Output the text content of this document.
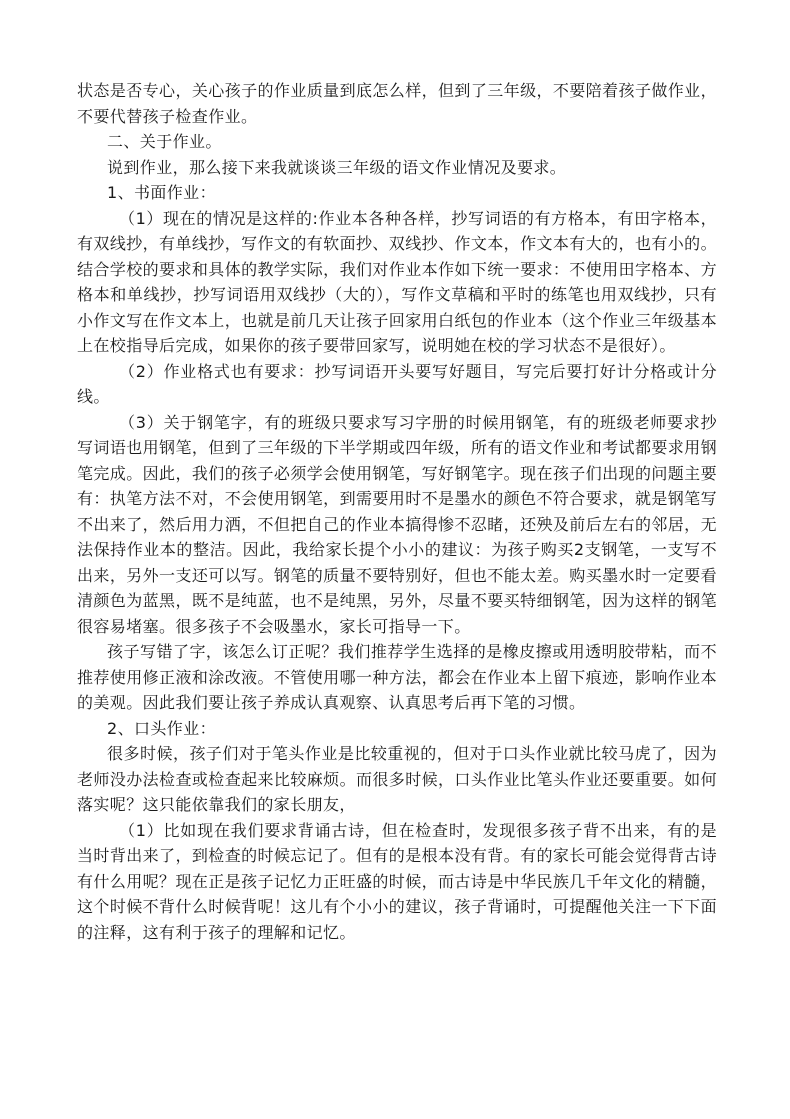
状态是否专心，关心孩子的作业质量到底怎么样，但到了三年级，不要陪着孩子做作业，不要代替孩子检查作业。

二、关于作业。

说到作业，那么接下来我就谈谈三年级的语文作业情况及要求。

1、书面作业：

（1）现在的情况是这样的:作业本各种各样，抄写词语的有方格本，有田字格本，有双线抄，有单线抄，写作文的有软面抄、双线抄、作文本，作文本有大的，也有小的。结合学校的要求和具体的教学实际，我们对作业本作如下统一要求：不使用田字格本、方格本和单线抄，抄写词语用双线抄（大的），写作文草稿和平时的练笔也用双线抄，只有小作文写在作文本上，也就是前几天让孩子回家用白纸包的作业本（这个作业三年级基本上在校指导后完成，如果你的孩子要带回家写，说明她在校的学习状态不是很好）。

（2）作业格式也有要求：抄写词语开头要写好题目，写完后要打好计分格或计分线。

（3）关于钢笔字，有的班级只要求写习字册的时候用钢笔，有的班级老师要求抄写词语也用钢笔，但到了三年级的下半学期或四年级，所有的语文作业和考试都要求用钢笔完成。因此，我们的孩子必须学会使用钢笔，写好钢笔字。现在孩子们出现的问题主要有：执笔方法不对，不会使用钢笔，到需要用时不是墨水的颜色不符合要求，就是钢笔写不出来了，然后用力洒，不但把自己的作业本搞得惨不忍睹，还殃及前后左右的邻居，无法保持作业本的整洁。因此，我给家长提个小小的建议：为孩子购买2支钢笔，一支写不出来，另外一支还可以写。钢笔的质量不要特别好，但也不能太差。购买墨水时一定要看清颜色为蓝黑，既不是纯蓝，也不是纯黑，另外，尽量不要买特细钢笔，因为这样的钢笔很容易堵塞。很多孩子不会吸墨水，家长可指导一下。

孩子写错了字，该怎么订正呢？我们推荐学生选择的是橡皮擦或用透明胶带粘，而不推荐使用修正液和涂改液。不管使用哪一种方法，都会在作业本上留下痕迹，影响作业本的美观。因此我们要让孩子养成认真观察、认真思考后再下笔的习惯。

2、口头作业：

很多时候，孩子们对于笔头作业是比较重视的，但对于口头作业就比较马虎了，因为老师没办法检查或检查起来比较麻烦。而很多时候，口头作业比笔头作业还要重要。如何落实呢？这只能依靠我们的家长朋友，

（1）比如现在我们要求背诵古诗，但在检查时，发现很多孩子背不出来，有的是当时背出来了，到检查的时候忘记了。但有的是根本没有背。有的家长可能会觉得背古诗有什么用呢？现在正是孩子记忆力正旺盛的时候，而古诗是中华民族几千年文化的精髓，这个时候不背什么时候背呢！这儿有个小小的建议，孩子背诵时，可提醒他关注一下下面的注释，这有利于孩子的理解和记忆。
